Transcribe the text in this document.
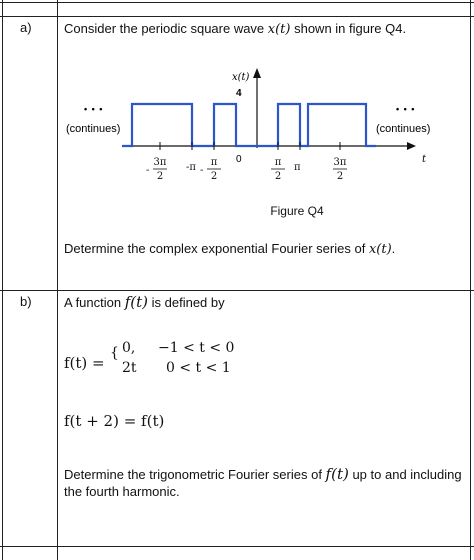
a) Consider the periodic square wave x(t) shown in figure Q4.
x(t)
4
t
0
• • •
(continues)
• • •
(continues)
3π
2
-	-π π
2
-
π
2
π	3π
2
Figure Q4
Determine the complex exponential Fourier series of x(t).
b) A function f(t) is defined by
f(t) =
{ 0, −1 < t < 0
2t 0 < t < 1
f(t + 2) = f(t)
Determine the trigonometric Fourier series of f(t) up to and including
the fourth harmonic.
